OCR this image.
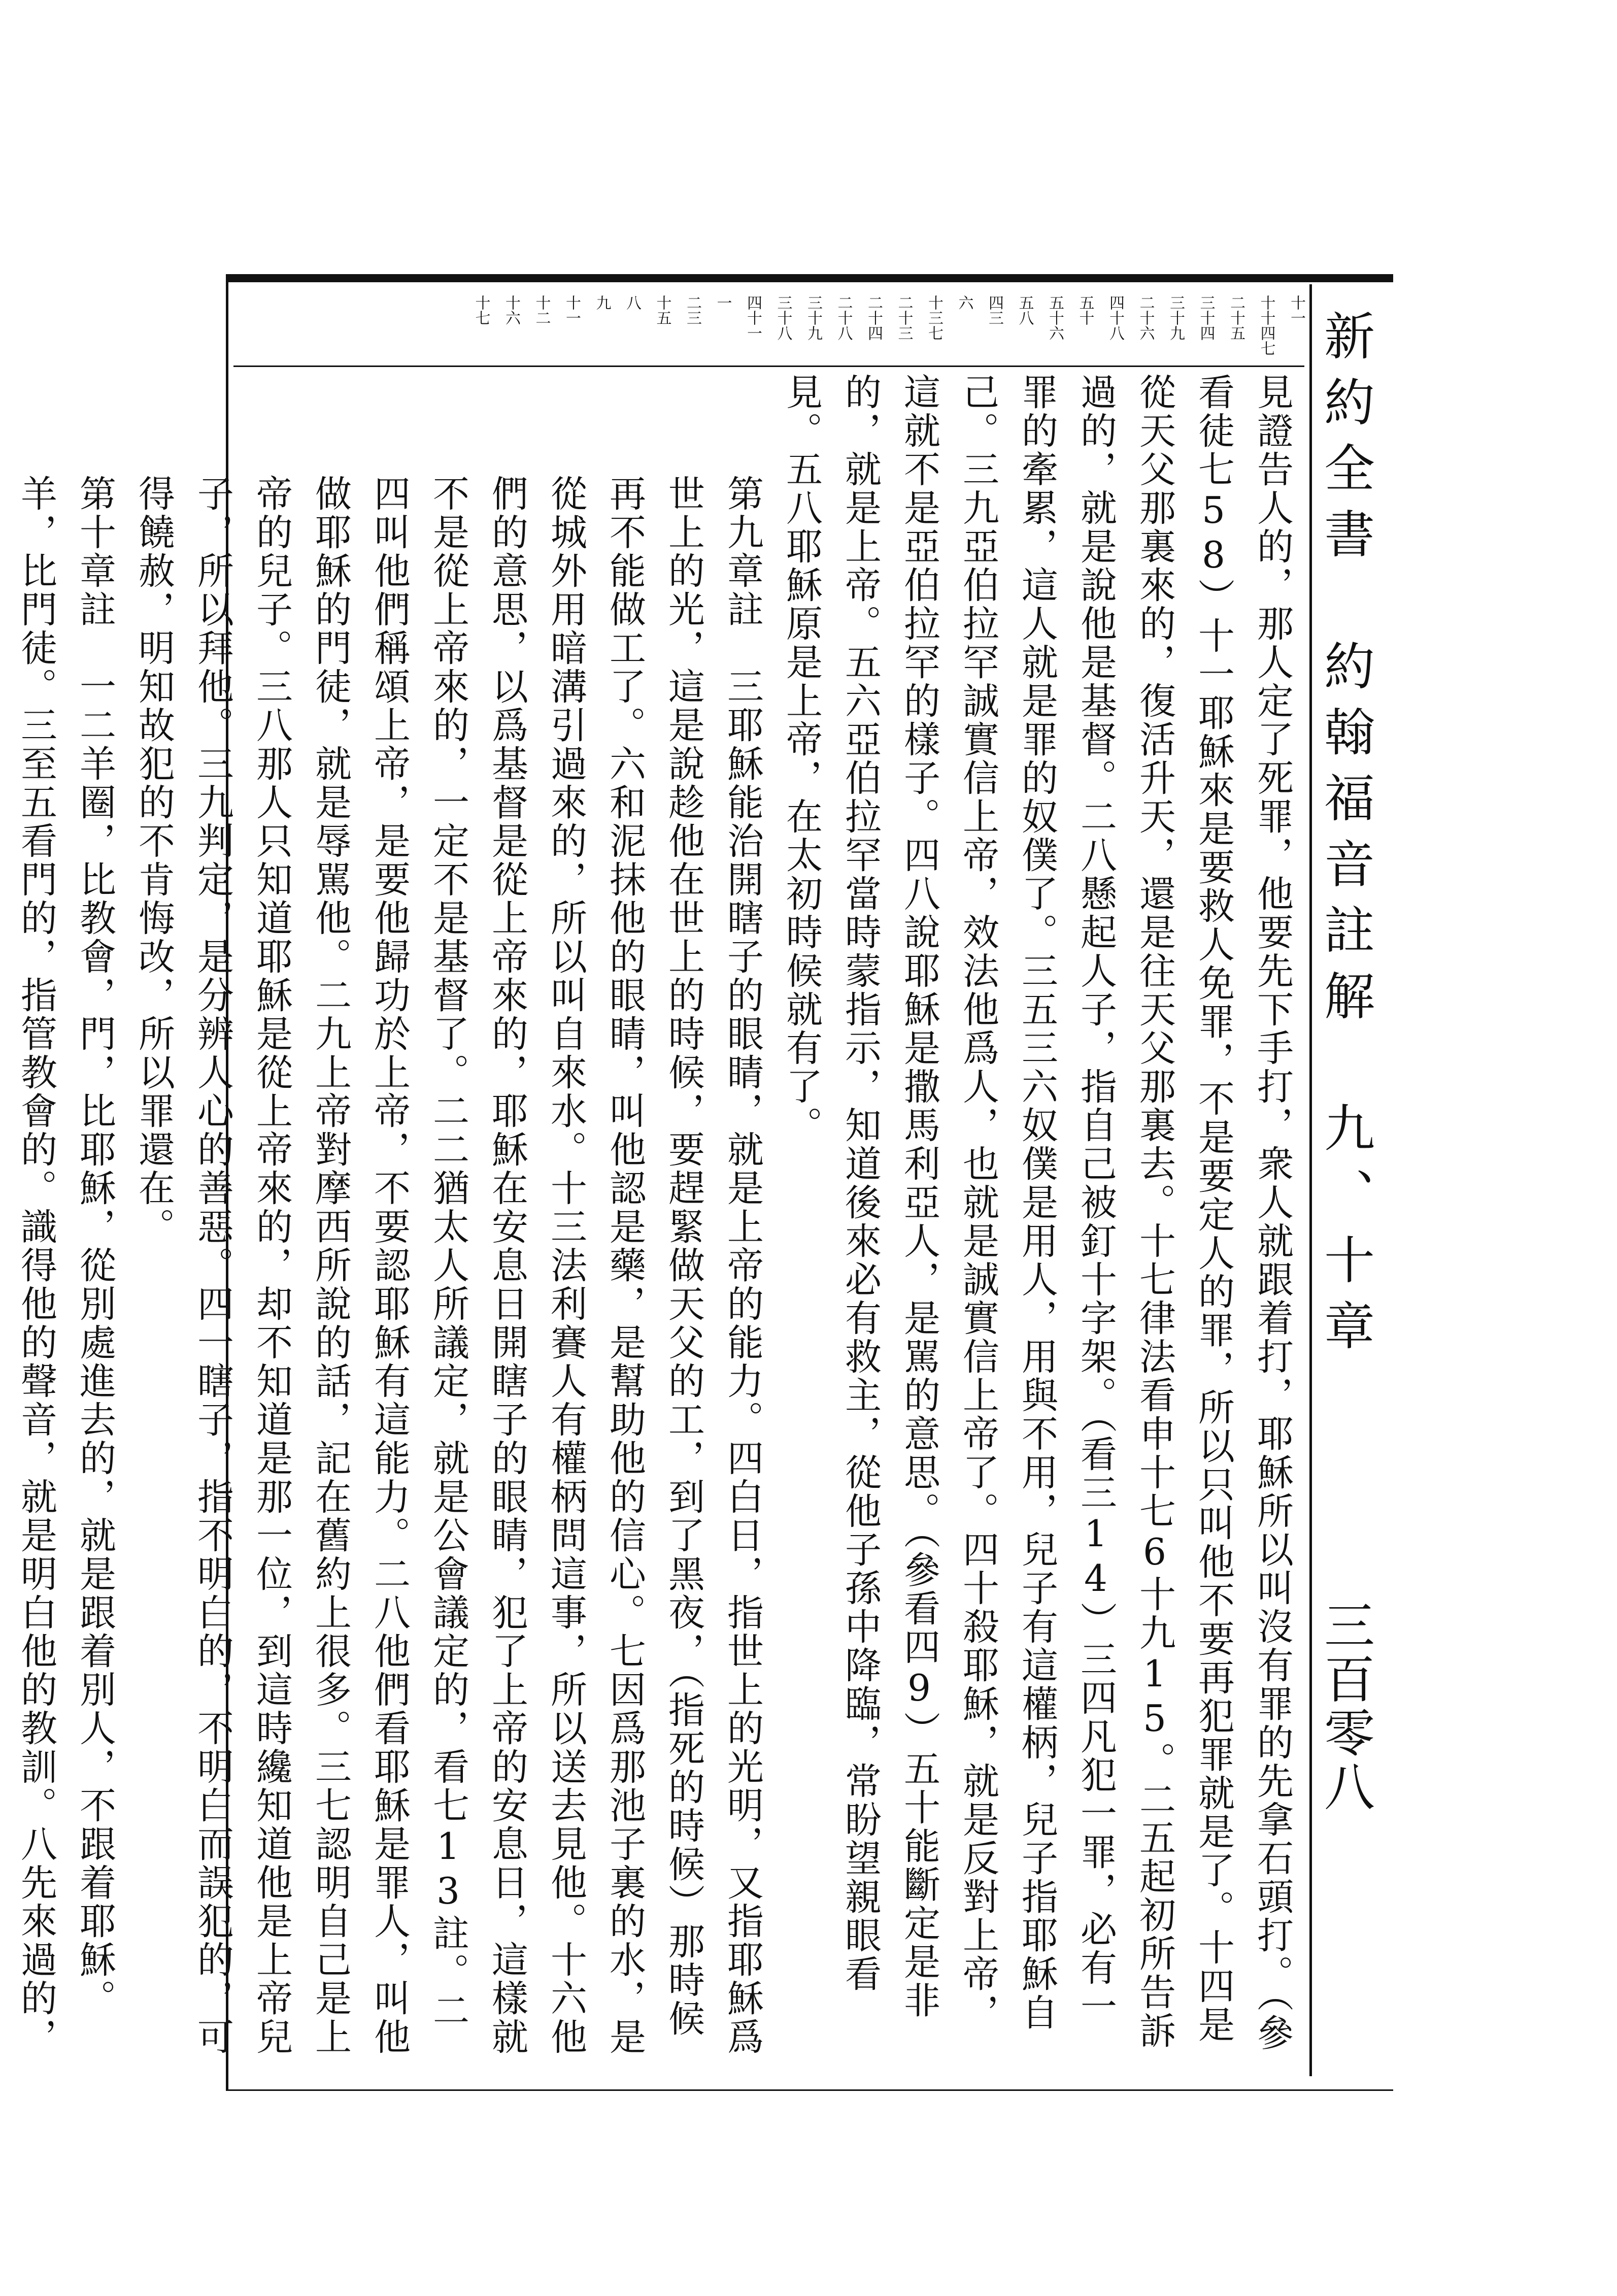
新約全書　約翰福音註解　九、十章
三百零八
十一
十十四七
二十五
三十四
三十九
二十六
四十八
五十
五十六
五八
四三
六
十三七
二十三
二十四
二十八
三十九
三十八
四十一
一
二三
十五
八
九
十一
十二
十六
十七

見證告人的，那人定了死罪，他要先下手打，衆人就跟着打，耶穌所以叫沒有罪的先拿石頭打。（參看徒七58）十一耶穌來是要救人免罪，不是要定人的罪，所以只叫他不要再犯罪就是了。十四是從天父那裏來的，復活升天，還是往天父那裏去。十七律法看申十七6十九15。二五起初所告訴過的，就是說他是基督。二八懸起人子，指自己被釘十字架。（看三14）三四凡犯一罪，必有一罪的牽累，這人就是罪的奴僕了。三五三六奴僕是用人，用與不用，兒子有這權柄，兒子指耶穌自己。三九亞伯拉罕誠實信上帝，效法他爲人，也就是誠實信上帝了。四十殺耶穌，就是反對上帝，這就不是亞伯拉罕的樣子。四八說耶穌是撒馬利亞人，是駡的意思。（參看四9）五十能斷定是非的，就是上帝。五六亞伯拉罕當時蒙指示，知道後來必有救主，從他子孫中降臨，常盼望親眼看見。五八耶穌原是上帝，在太初時候就有了。

第九章註　三耶穌能治開瞎子的眼睛，就是上帝的能力。四白日，指世上的光明，又指耶穌爲世上的光，這是說趁他在世上的時候，要趕緊做天父的工，到了黑夜，（指死的時候）那時候再不能做工了。六和泥抹他的眼睛，叫他認是藥，是幫助他的信心。七因爲那池子裏的水，是從城外用暗溝引過來的，所以叫自來水。十三法利賽人有權柄問這事，所以送去見他。十六他們的意思，以爲基督是從上帝來的，耶穌在安息日開瞎子的眼睛，犯了上帝的安息日，這樣就不是從上帝來的，一定不是基督了。二二猶太人所議定，就是公會議定的，看七13註。二四叫他們稱頌上帝，是要他歸功於上帝，不要認耶穌有這能力。二八他們看耶穌是罪人，叫他做耶穌的門徒，就是辱駡他。二九上帝對摩西所說的話，記在舊約上很多。三七認明自己是上帝的兒子。三八那人只知道耶穌是從上帝來的，却不知道是那一位，到這時纔知道他是上帝兒子，所以拜他。三九判定，是分辨人心的善惡。四一瞎子，指不明白的，不明白而誤犯的，可得饒赦，明知故犯的不肯悔改，所以罪還在。

第十章註　一二羊圈，比教會，門，比耶穌，從別處進去的，就是跟着別人，不跟着耶穌。羊，比門徒。三至五看門的，指管教會的。識得他的聲音，就是明白他的教訓。八先來過的，
